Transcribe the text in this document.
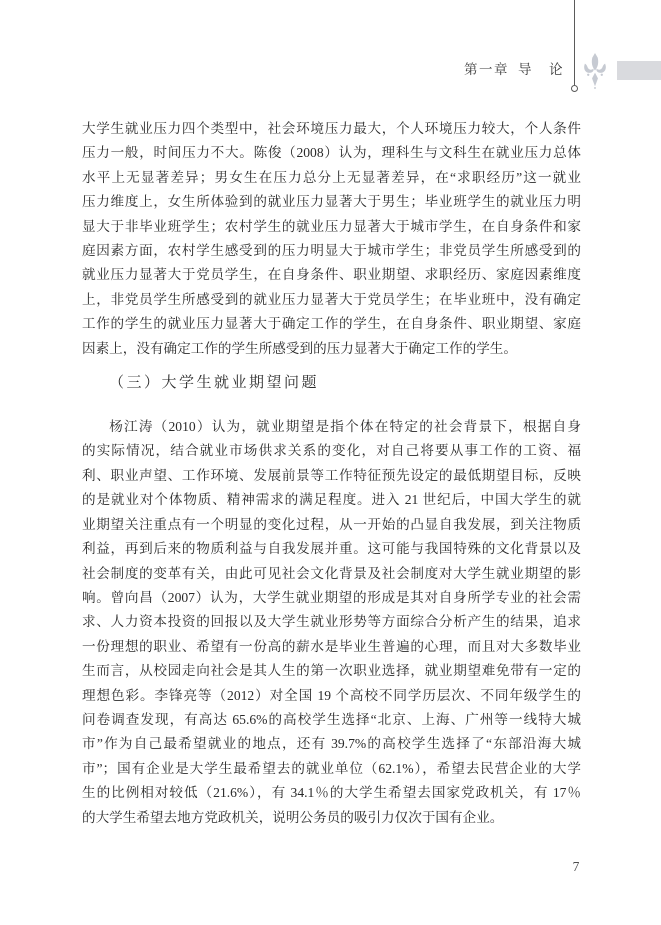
第一章 导 论
大学生就业压力四个类型中，社会环境压力最大，个人环境压力较大，个人条件
压力一般，时间压力不大。陈俊（2008）认为，理科生与文科生在就业压力总体
水平上无显著差异；男女生在压力总分上无显著差异，在“求职经历”这一就业
压力维度上，女生所体验到的就业压力显著大于男生；毕业班学生的就业压力明
显大于非毕业班学生；农村学生的就业压力显著大于城市学生，在自身条件和家
庭因素方面，农村学生感受到的压力明显大于城市学生；非党员学生所感受到的
就业压力显著大于党员学生，在自身条件、职业期望、求职经历、家庭因素维度
上，非党员学生所感受到的就业压力显著大于党员学生；在毕业班中，没有确定
工作的学生的就业压力显著大于确定工作的学生，在自身条件、职业期望、家庭
因素上，没有确定工作的学生所感受到的压力显著大于确定工作的学生。
（三）大学生就业期望问题
杨江涛（2010）认为，就业期望是指个体在特定的社会背景下，根据自身
的实际情况，结合就业市场供求关系的变化，对自己将要从事工作的工资、福
利、职业声望、工作环境、发展前景等工作特征预先设定的最低期望目标，反映
的是就业对个体物质、精神需求的满足程度。进入 21 世纪后，中国大学生的就
业期望关注重点有一个明显的变化过程，从一开始的凸显自我发展，到关注物质
利益，再到后来的物质利益与自我发展并重。这可能与我国特殊的文化背景以及
社会制度的变革有关，由此可见社会文化背景及社会制度对大学生就业期望的影
响。曾向昌（2007）认为，大学生就业期望的形成是其对自身所学专业的社会需
求、人力资本投资的回报以及大学生就业形势等方面综合分析产生的结果，追求
一份理想的职业、希望有一份高的薪水是毕业生普遍的心理，而且对大多数毕业
生而言，从校园走向社会是其人生的第一次职业选择，就业期望难免带有一定的
理想色彩。李锋亮等（2012）对全国 19 个高校不同学历层次、不同年级学生的
问卷调查发现，有高达 65.6%的高校学生选择“北京、上海、广州等一线特大城
市”作为自己最希望就业的地点，还有 39.7%的高校学生选择了“东部沿海大城
市”；国有企业是大学生最希望去的就业单位（62.1%），希望去民营企业的大学
生的比例相对较低（21.6%），有 34.1％的大学生希望去国家党政机关，有 17％
的大学生希望去地方党政机关，说明公务员的吸引力仅次于国有企业。
7
